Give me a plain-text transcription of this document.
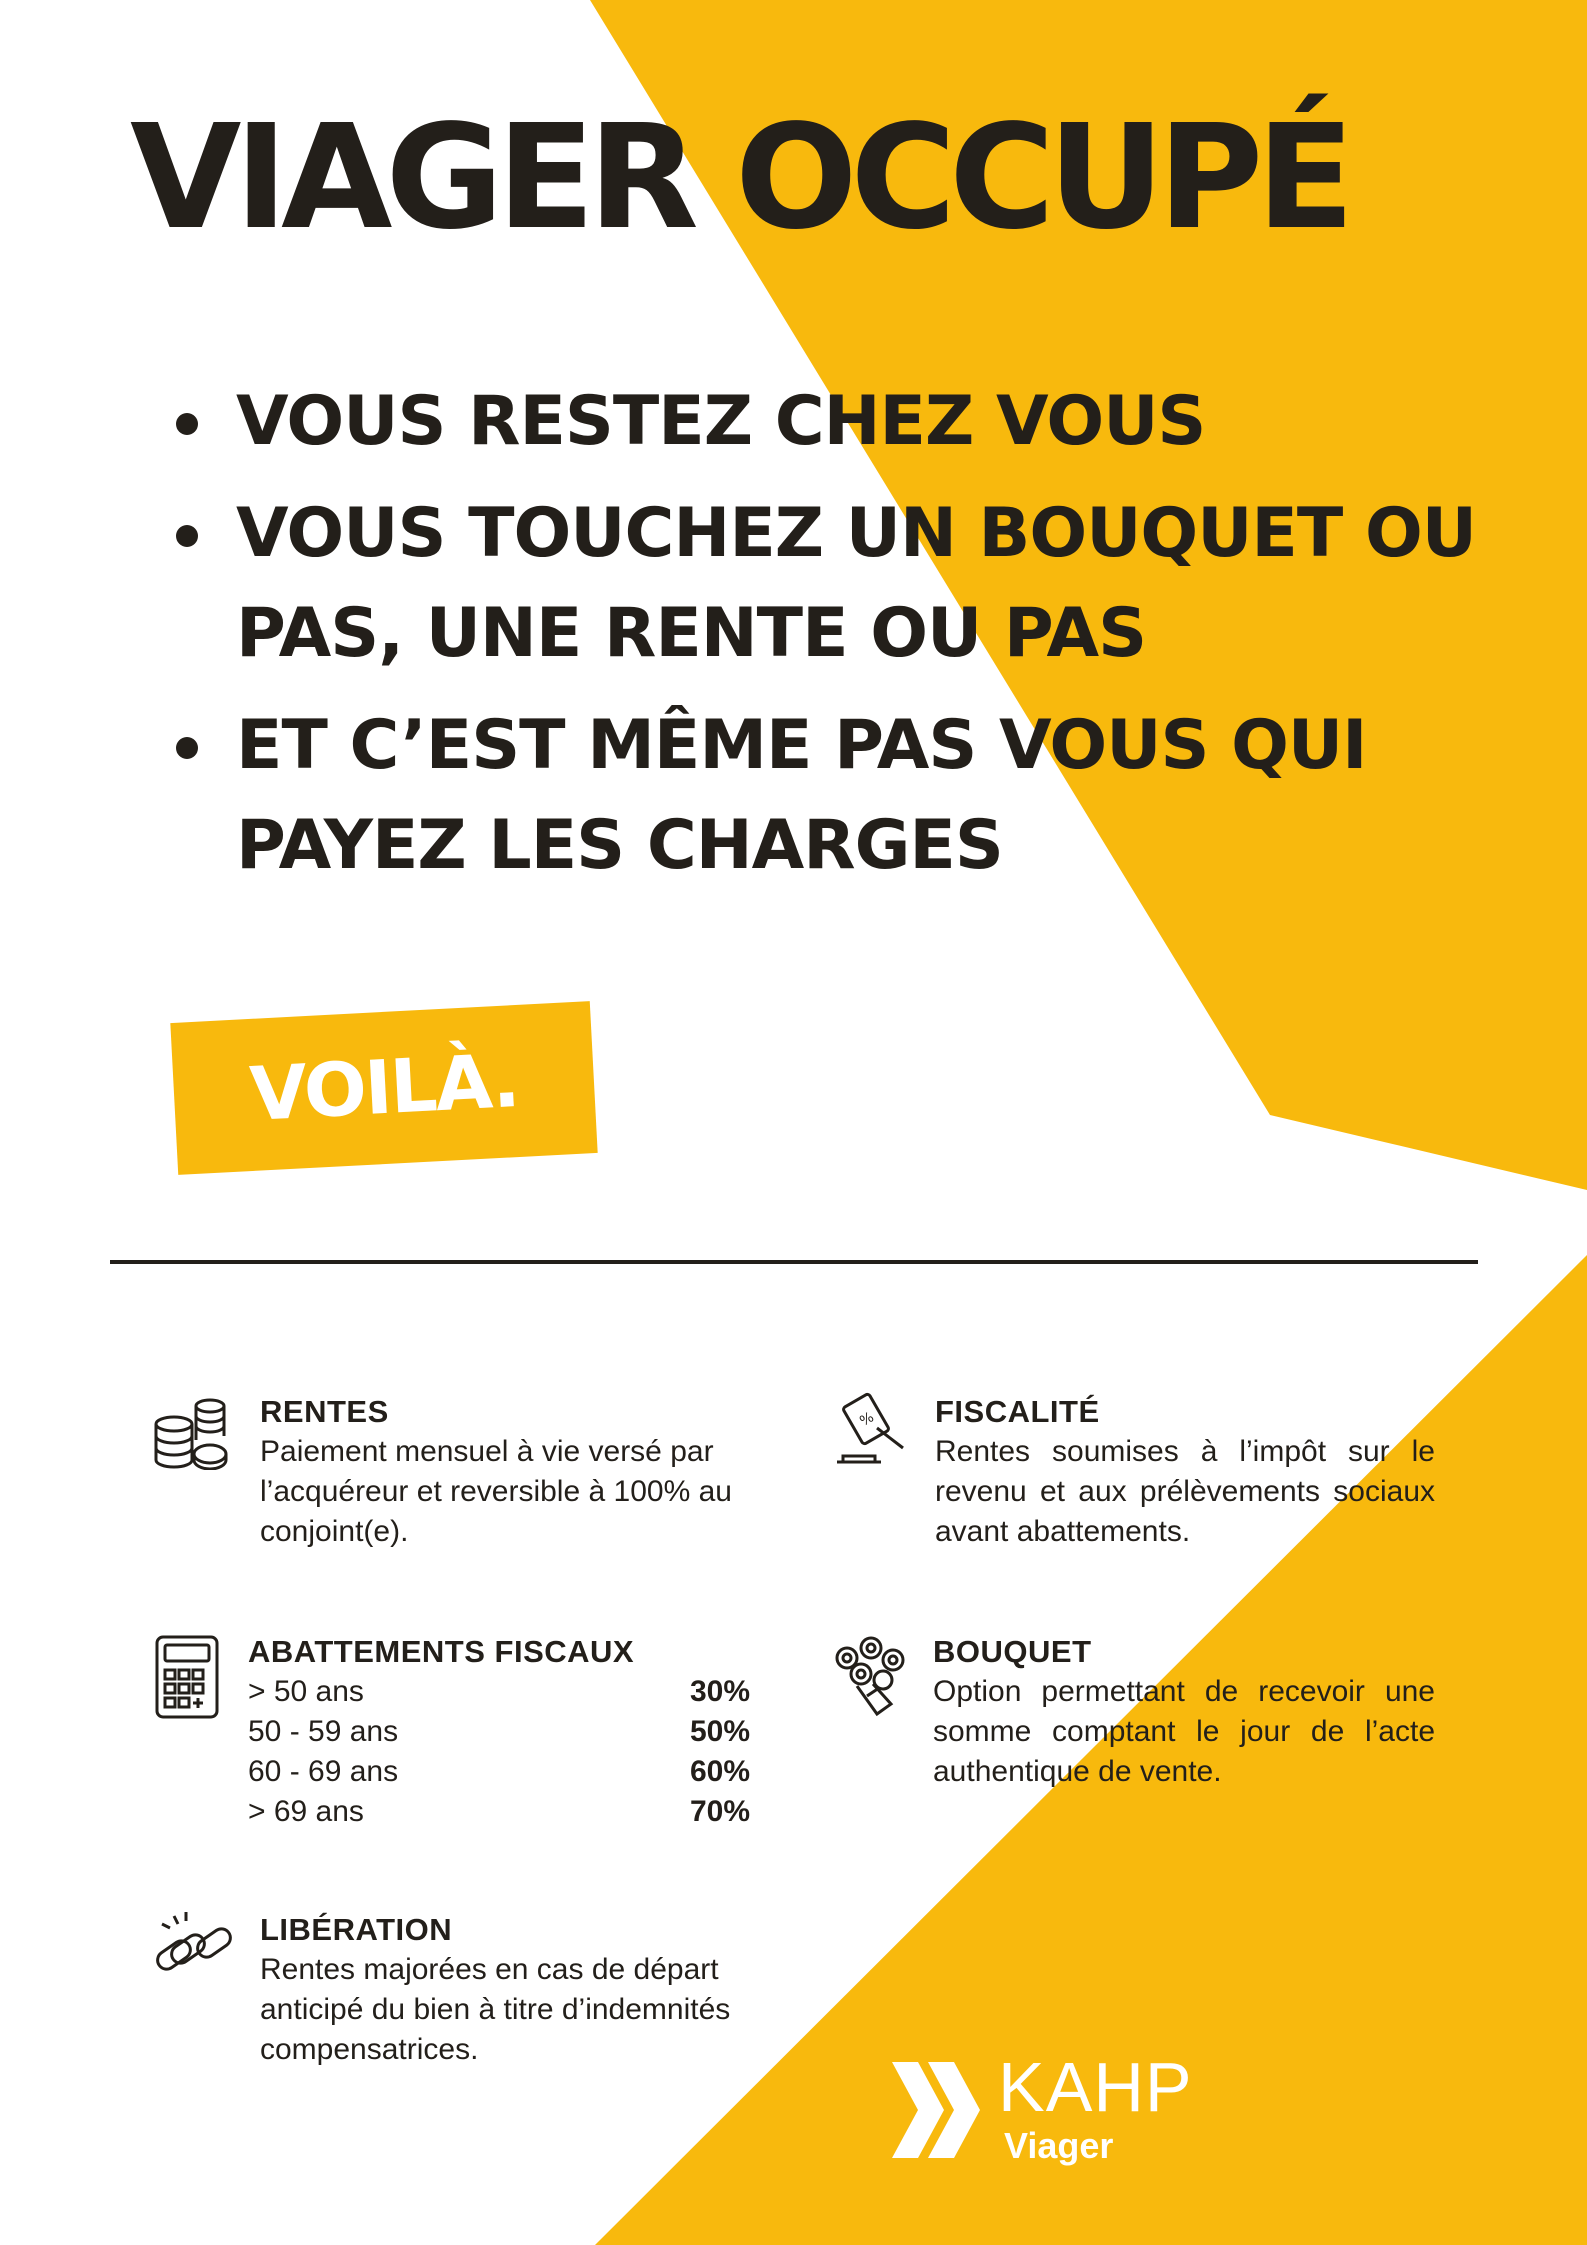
VIAGER OCCUPÉ
VOUS RESTEZ CHEZ VOUS
VOUS TOUCHEZ UN BOUQUET OU PAS, UNE RENTE OU PAS
ET C’EST MÊME PAS VOUS QUI PAYEZ LES CHARGES
VOILÀ.
RENTES

Paiement mensuel à vie versé par l’acquéreur et reversible à 100% au conjoint(e).

% FISCALITÉ

Rentes soumises à l’impôt sur le revenu et aux prélèvements sociaux avant abattements.

ABATTEMENTS FISCAUX
> 50 ans	30%
50 - 59 ans	50%
60 - 69 ans	60%
> 69 ans	70%
BOUQUET

Option permettant de recevoir une somme comptant le jour de l’acte authentique de vente.

LIBÉRATION

Rentes majorées en cas de départ anticipé du bien à titre d’indemnités compensatrices.	KAHP
Viager
